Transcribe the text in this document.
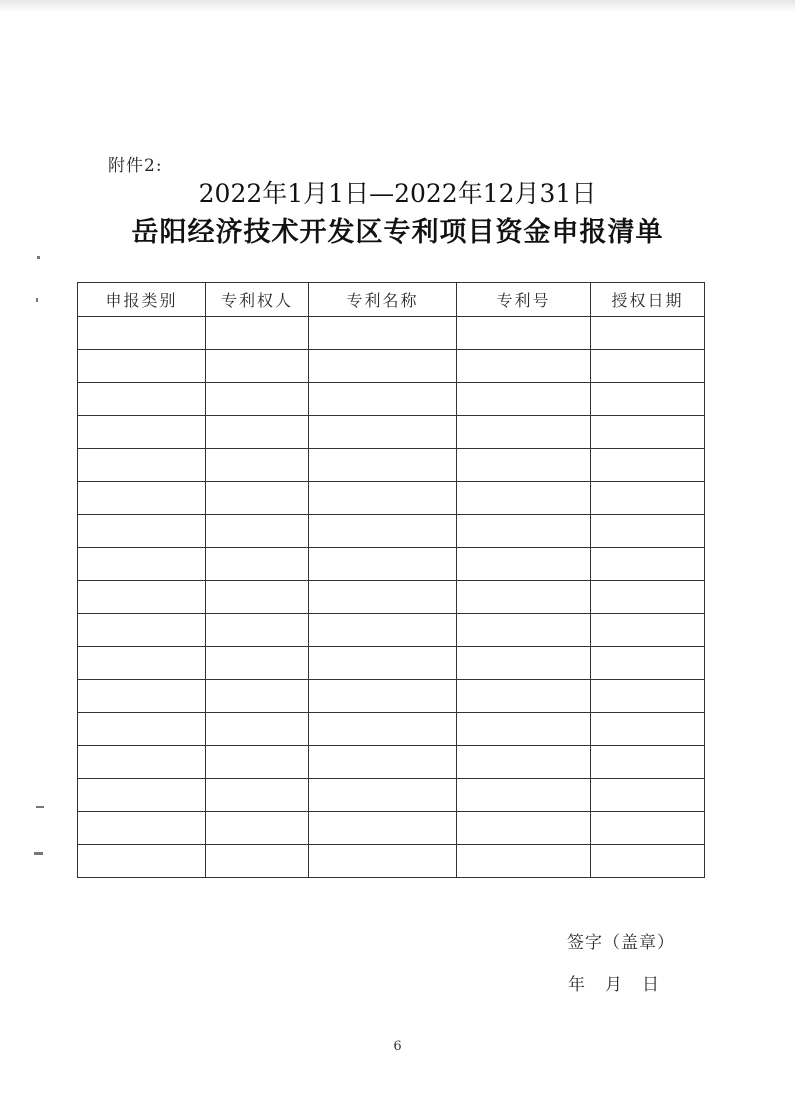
附件2:
2022年1月1日—2022年12月31日
岳阳经济技术开发区专利项目资金申报清单
申报类别	专利权人	专利名称	专利号	授权日期

签字（盖章）
年 月 日
6
